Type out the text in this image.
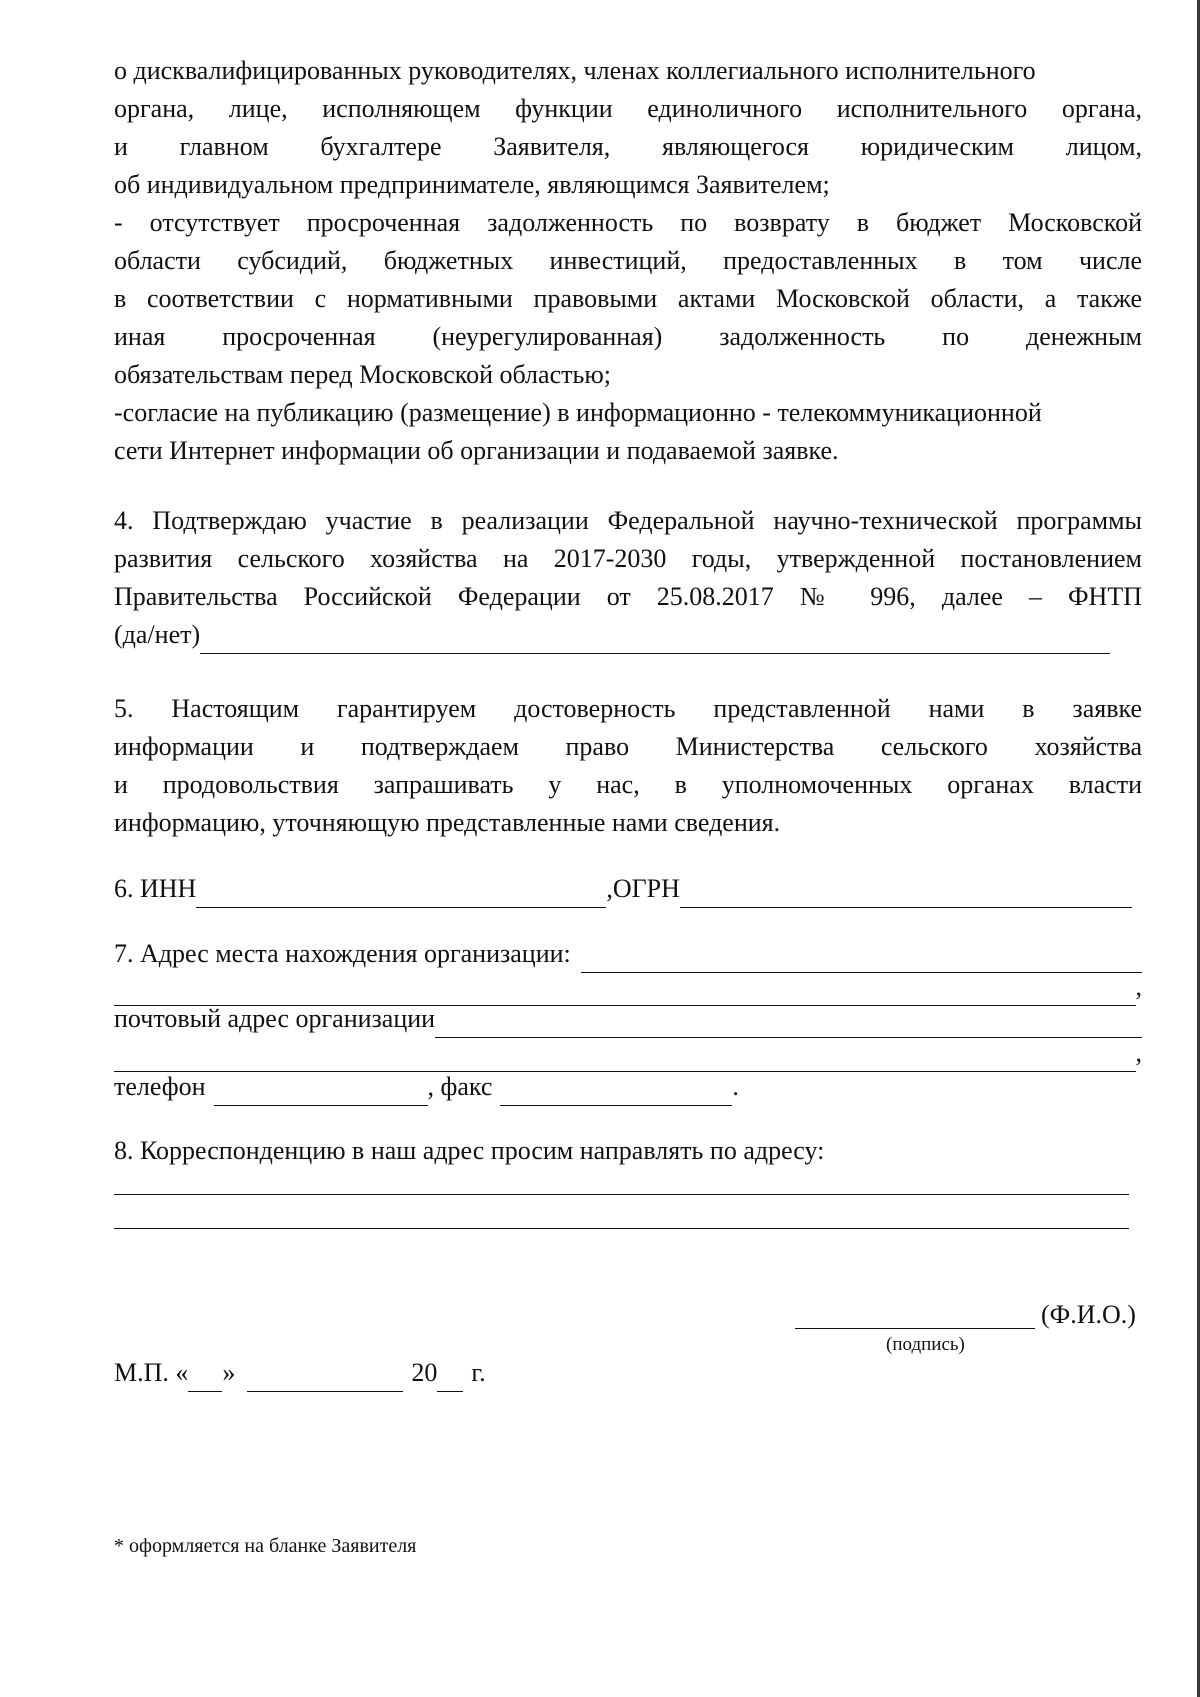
о дисквалифицированных руководителях, членах коллегиального исполнительного
органа, лице, исполняющем функции единоличного исполнительного органа,
и главном бухгалтере Заявителя, являющегося юридическим лицом,
об индивидуальном предпринимателе, являющимся Заявителем;
- отсутствует просроченная задолженность по возврату в бюджет Московской
области субсидий, бюджетных инвестиций, предоставленных в том числе
в соответствии с нормативными правовыми актами Московской области, а также
иная просроченная (неурегулированная) задолженность по денежным
обязательствам перед Московской областью;
-согласие на публикацию (размещение) в информационно - телекоммуникационной
сети Интернет информации об организации и подаваемой заявке.
4. Подтверждаю участие в реализации Федеральной научно-технической программы
развития сельского хозяйства на 2017-2030 годы, утвержденной постановлением
Правительства Российской Федерации от 25.08.2017 № 996, далее – ФНТП
(да/нет)
5. Настоящим гарантируем достоверность представленной нами в заявке
информации и подтверждаем право Министерства сельского хозяйства
и продовольствия запрашивать у нас, в уполномоченных органах власти
информацию, уточняющую представленные нами сведения.
6. ИНН	,ОГРН
7. Адрес места нахождения организации:
,
почтовый адрес организации
,
телефон	, факс	.
8. Корреспонденцию в наш адрес просим направлять по адресу:
(Ф.И.О.)
(подпись)
М.П. « »	20 г.
* оформляется на бланке Заявителя
